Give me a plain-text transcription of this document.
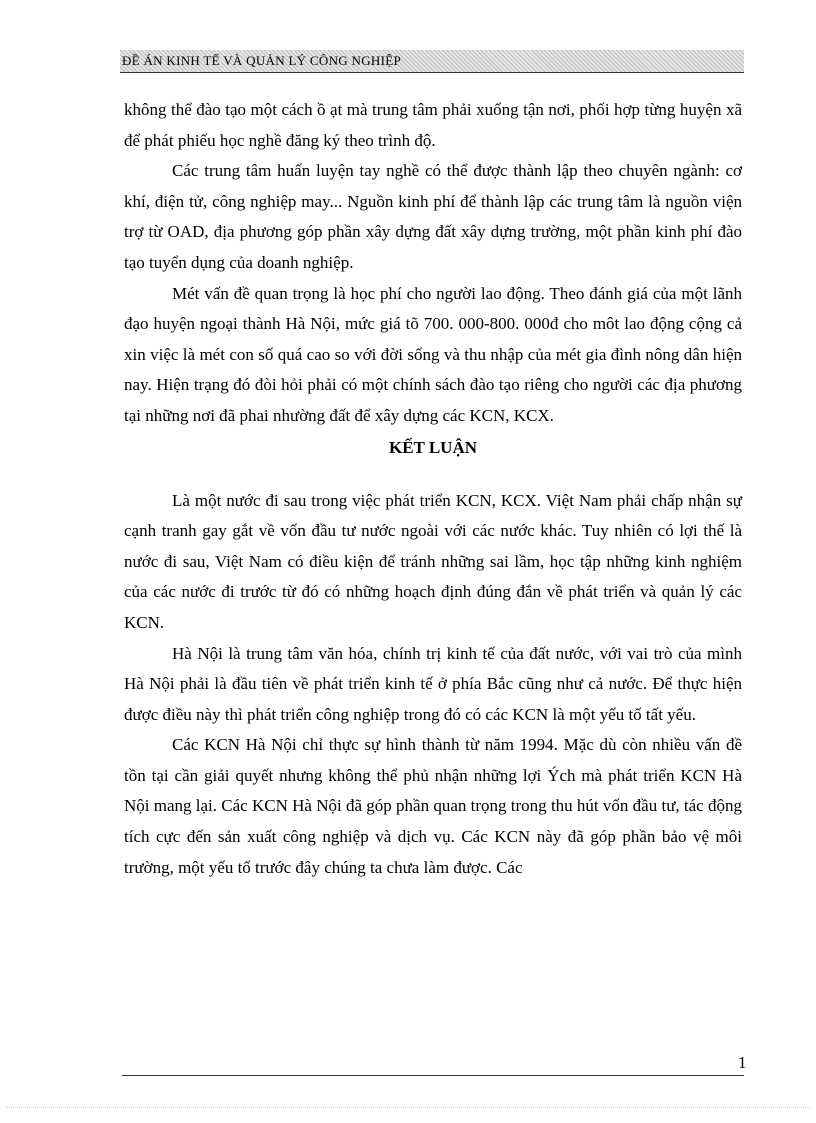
ĐỀ ÁN KINH TẾ VÀ QUẢN LÝ CÔNG NGHIỆP

không thể đào tạo một cách ồ ạt mà trung tâm phải xuống tận nơi, phối hợp từng huyện xã để phát phiếu học nghề đăng ký theo trình độ.

Các trung tâm huấn luyện tay nghề có thể được thành lập theo chuyên ngành: cơ khí, điện tử, công nghiệp may... Nguồn kinh phí để thành lập các trung tâm là nguồn viện trợ từ OAD, địa phương góp phần xây dựng đất xây dựng trường, một phần kinh phí đào tạo tuyển dụng của doanh nghiệp.

Mét vấn đề quan trọng là học phí cho người lao động. Theo đánh giá của một lãnh đạo huyện ngoại thành Hà Nội, mức giá tõ 700. 000-800. 000đ cho môt lao động cộng cả xin việc là mét con số quá cao so với đời sống và thu nhập của mét gia đình nông dân hiện nay. Hiện trạng đó đòi hỏi phải có một chính sách đào tạo riêng cho người các địa phương tại những nơi đã phai nhường đất để xây dựng các KCN, KCX.

KẾT LUẬN

Là một nước đi sau trong việc phát triển KCN, KCX. Việt Nam phải chấp nhận sự cạnh tranh gay gắt về vốn đầu tư nước ngoài với các nước khác. Tuy nhiên có lợi thế là nước đi sau, Việt Nam có điều kiện để tránh những sai lầm, học tập những kinh nghiệm của các nước đi trước từ đó có những hoạch định đúng đắn về phát triển và quản lý các KCN.

Hà Nội là trung tâm văn hóa, chính trị kinh tế của đất nước, với vai trò của mình Hà Nội phải là đầu tiên về phát triển kinh tế ở phía Bắc cũng như cả nước. Để thực hiện được điều này thì phát triển công nghiệp trong đó có các KCN là một yếu tố tất yếu.

Các KCN Hà Nội chỉ thực sự hình thành từ năm 1994. Mặc dù còn nhiều vấn đề tồn tại cần giải quyết nhưng không thể phủ nhận những lợi Ých mà phát triển KCN Hà Nội mang lại. Các KCN Hà Nội đã góp phần quan trọng trong thu hút vốn đầu tư, tác động tích cực đến sản xuất công nghiệp và dịch vụ. Các KCN này đã góp phần bảo vệ môi trường, một yếu tố trước đây chúng ta chưa làm được. Các

1
